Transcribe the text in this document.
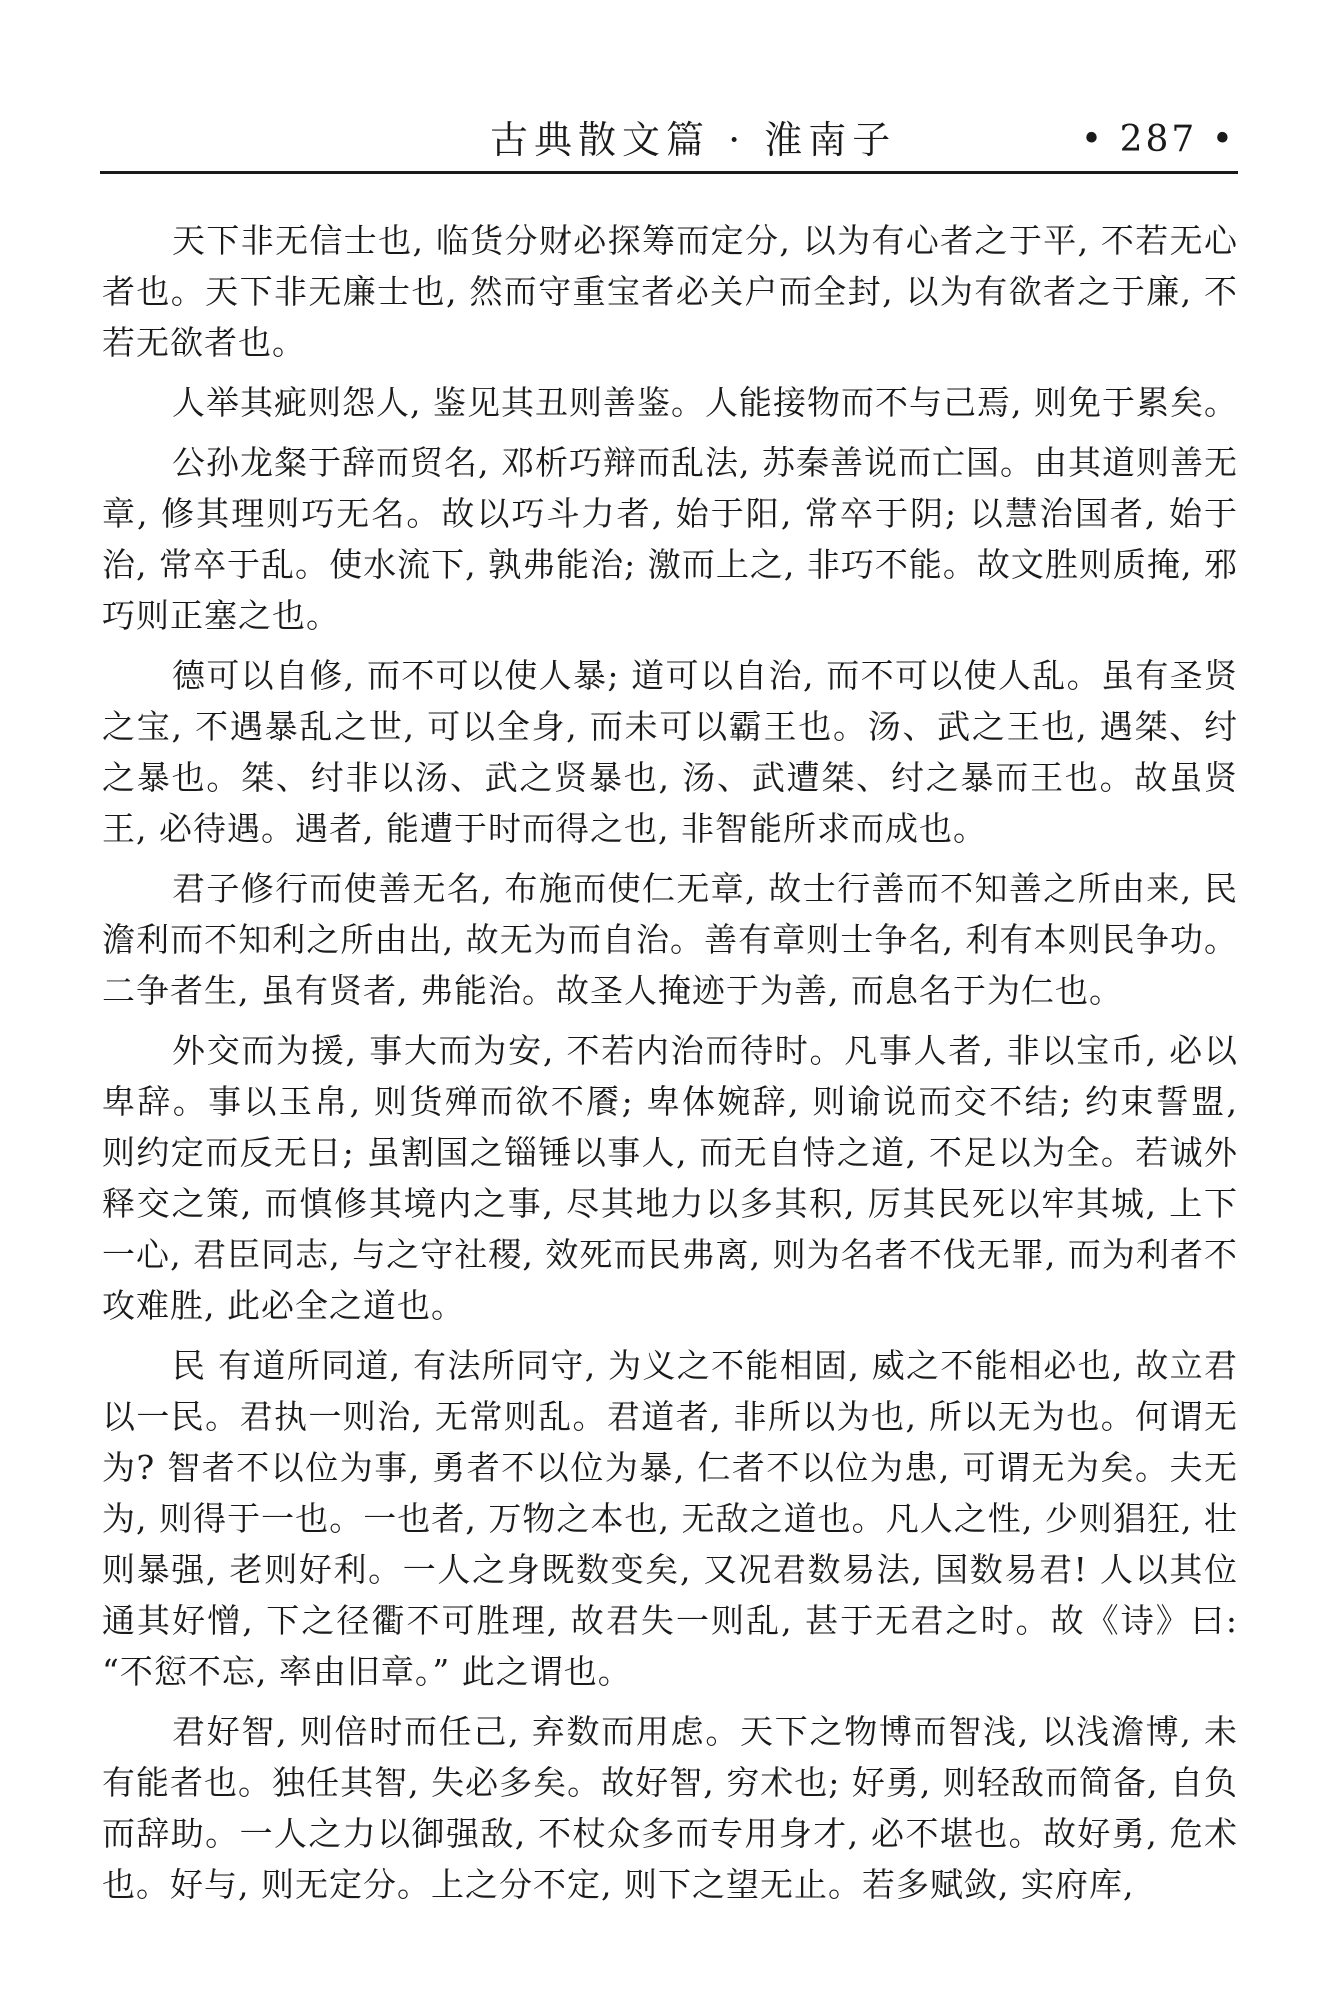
古典散文篇 · 淮南子	• 287 •

天下非无信士也, 临货分财必探筹而定分, 以为有心者之于平, 不若无心者也。天下非无廉士也, 然而守重宝者必关户而全封, 以为有欲者之于廉, 不若无欲者也。

人举其疵则怨人, 鉴见其丑则善鉴。人能接物而不与己焉, 则免于累矣。

公孙龙粲于辞而贸名, 邓析巧辩而乱法, 苏秦善说而亡国。由其道则善无章, 修其理则巧无名。故以巧斗力者, 始于阳, 常卒于阴; 以慧治国者, 始于治, 常卒于乱。使水流下, 孰弗能治; 激而上之, 非巧不能。故文胜则质掩, 邪巧则正塞之也。

德可以自修, 而不可以使人暴; 道可以自治, 而不可以使人乱。虽有圣贤之宝, 不遇暴乱之世, 可以全身, 而未可以霸王也。汤、武之王也, 遇桀、纣之暴也。桀、纣非以汤、武之贤暴也, 汤、武遭桀、纣之暴而王也。故虽贤王, 必待遇。遇者, 能遭于时而得之也, 非智能所求而成也。

君子修行而使善无名, 布施而使仁无章, 故士行善而不知善之所由来, 民澹利而不知利之所由出, 故无为而自治。善有章则士争名, 利有本则民争功。二争者生, 虽有贤者, 弗能治。故圣人掩迹于为善, 而息名于为仁也。

外交而为援, 事大而为安, 不若内治而待时。凡事人者, 非以宝币, 必以卑辞。事以玉帛, 则货殚而欲不餍; 卑体婉辞, 则谕说而交不结; 约束誓盟, 则约定而反无日; 虽割国之锱锤以事人, 而无自恃之道, 不足以为全。若诚外释交之策, 而慎修其境内之事, 尽其地力以多其积, 厉其民死以牢其城, 上下一心, 君臣同志, 与之守社稷, 效死而民弗离, 则为名者不伐无罪, 而为利者不攻难胜, 此必全之道也。

民 有道所同道, 有法所同守, 为义之不能相固, 威之不能相必也, 故立君以一民。君执一则治, 无常则乱。君道者, 非所以为也, 所以无为也。何谓无为? 智者不以位为事, 勇者不以位为暴, 仁者不以位为患, 可谓无为矣。夫无为, 则得于一也。一也者, 万物之本也, 无敌之道也。凡人之性, 少则猖狂, 壮则暴强, 老则好利。一人之身既数变矣, 又况君数易法, 国数易君! 人以其位通其好憎, 下之径衢不可胜理, 故君失一则乱, 甚于无君之时。故《诗》曰: “不愆不忘, 率由旧章。” 此之谓也。

君好智, 则倍时而任己, 弃数而用虑。天下之物博而智浅, 以浅澹博, 未有能者也。独任其智, 失必多矣。故好智, 穷术也; 好勇, 则轻敌而简备, 自负而辞助。一人之力以御强敌, 不杖众多而专用身才, 必不堪也。故好勇, 危术也。好与, 则无定分。上之分不定, 则下之望无止。若多赋敛, 实府库,
